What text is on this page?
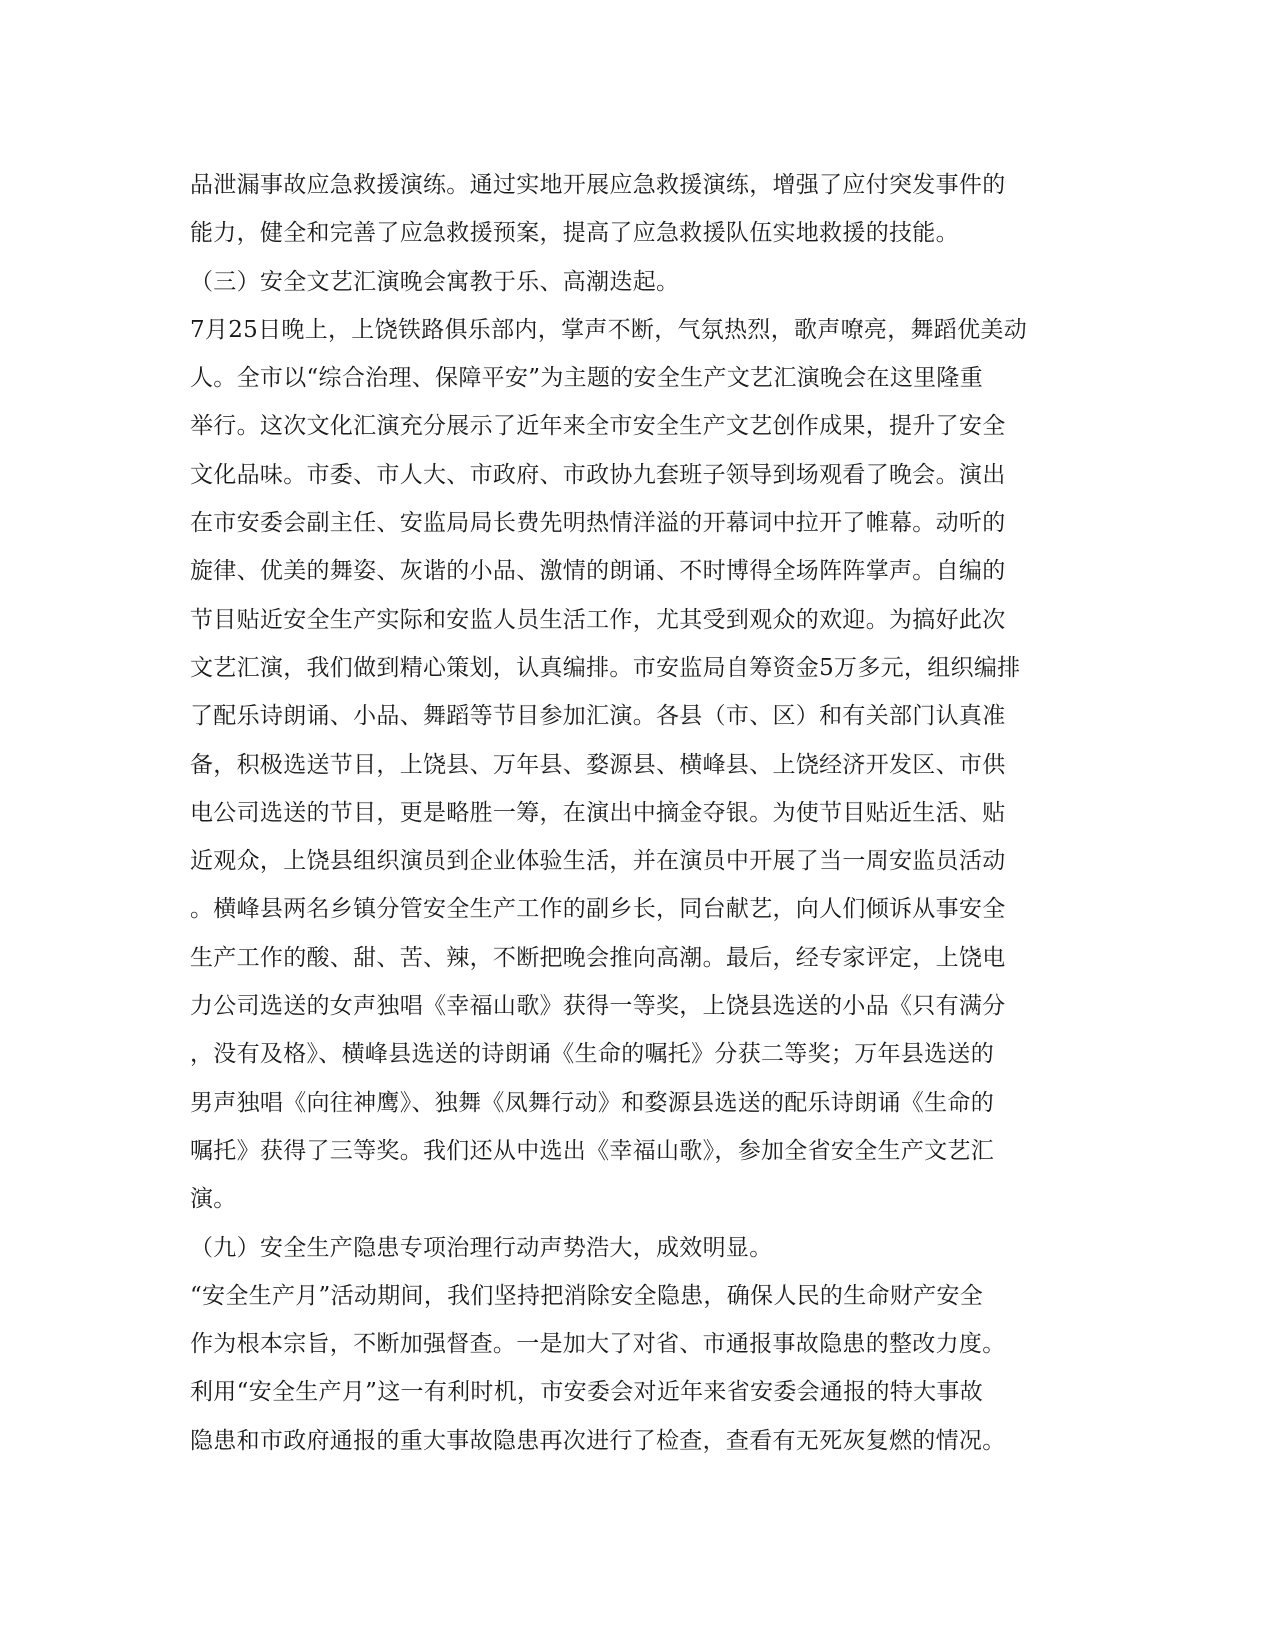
品泄漏事故应急救援演练。通过实地开展应急救援演练，增强了应付突发事件的
能力，健全和完善了应急救援预案，提高了应急救援队伍实地救援的技能。
（三）安全文艺汇演晚会寓教于乐、高潮迭起。
7月25日晚上，上饶铁路俱乐部内，掌声不断，气氛热烈，歌声嘹亮，舞蹈优美动
人。全市以“综合治理、保障平安”为主题的安全生产文艺汇演晚会在这里隆重
举行。这次文化汇演充分展示了近年来全市安全生产文艺创作成果，提升了安全
文化品味。市委、市人大、市政府、市政协九套班子领导到场观看了晚会。演出
在市安委会副主任、安监局局长费先明热情洋溢的开幕词中拉开了帷幕。动听的
旋律、优美的舞姿、灰谐的小品、激情的朗诵、不时博得全场阵阵掌声。自编的
节目贴近安全生产实际和安监人员生活工作，尤其受到观众的欢迎。为搞好此次
文艺汇演，我们做到精心策划，认真编排。市安监局自筹资金5万多元，组织编排
了配乐诗朗诵、小品、舞蹈等节目参加汇演。各县（市、区）和有关部门认真准
备，积极选送节目，上饶县、万年县、婺源县、横峰县、上饶经济开发区、市供
电公司选送的节目，更是略胜一筹，在演出中摘金夺银。为使节目贴近生活、贴
近观众，上饶县组织演员到企业体验生活，并在演员中开展了当一周安监员活动
。横峰县两名乡镇分管安全生产工作的副乡长，同台献艺，向人们倾诉从事安全
生产工作的酸、甜、苦、辣，不断把晚会推向高潮。最后，经专家评定，上饶电
力公司选送的女声独唱《幸福山歌》获得一等奖，上饶县选送的小品《只有满分
，没有及格》、横峰县选送的诗朗诵《生命的嘱托》分获二等奖；万年县选送的
男声独唱《向往神鹰》、独舞《凤舞行动》和婺源县选送的配乐诗朗诵《生命的
嘱托》获得了三等奖。我们还从中选出《幸福山歌》，参加全省安全生产文艺汇
演。
（九）安全生产隐患专项治理行动声势浩大，成效明显。
“安全生产月”活动期间，我们坚持把消除安全隐患，确保人民的生命财产安全
作为根本宗旨，不断加强督查。一是加大了对省、市通报事故隐患的整改力度。
利用“安全生产月”这一有利时机，市安委会对近年来省安委会通报的特大事故
隐患和市政府通报的重大事故隐患再次进行了检查，查看有无死灰复燃的情况。
